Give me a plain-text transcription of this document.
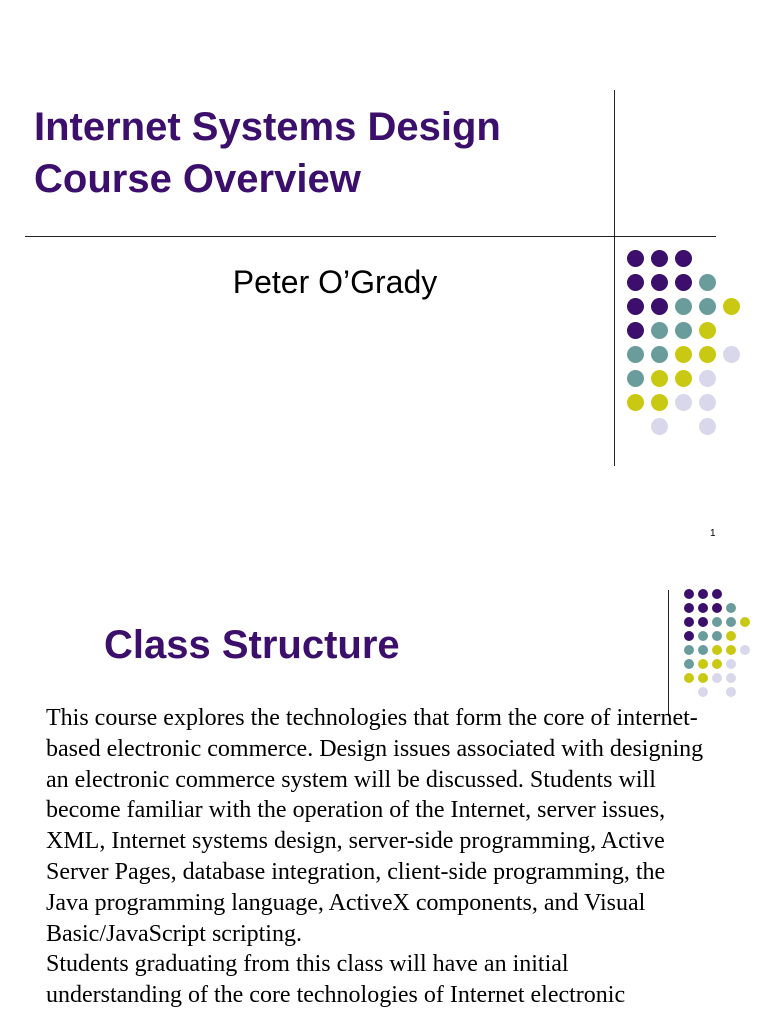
Internet Systems Design
Course Overview

Peter O’Grady

1
Class Structure

This course explores the technologies that form the core of internet-based electronic commerce. Design issues associated with designing an electronic commerce system will be discussed. Students will become familiar with the operation of the Internet, server issues, XML, Internet systems design, server-side programming, Active Server Pages, database integration, client-side programming, the Java programming language, ActiveX components, and Visual Basic/JavaScript scripting.

Students graduating from this class will have an initial understanding of the core technologies of Internet electronic
